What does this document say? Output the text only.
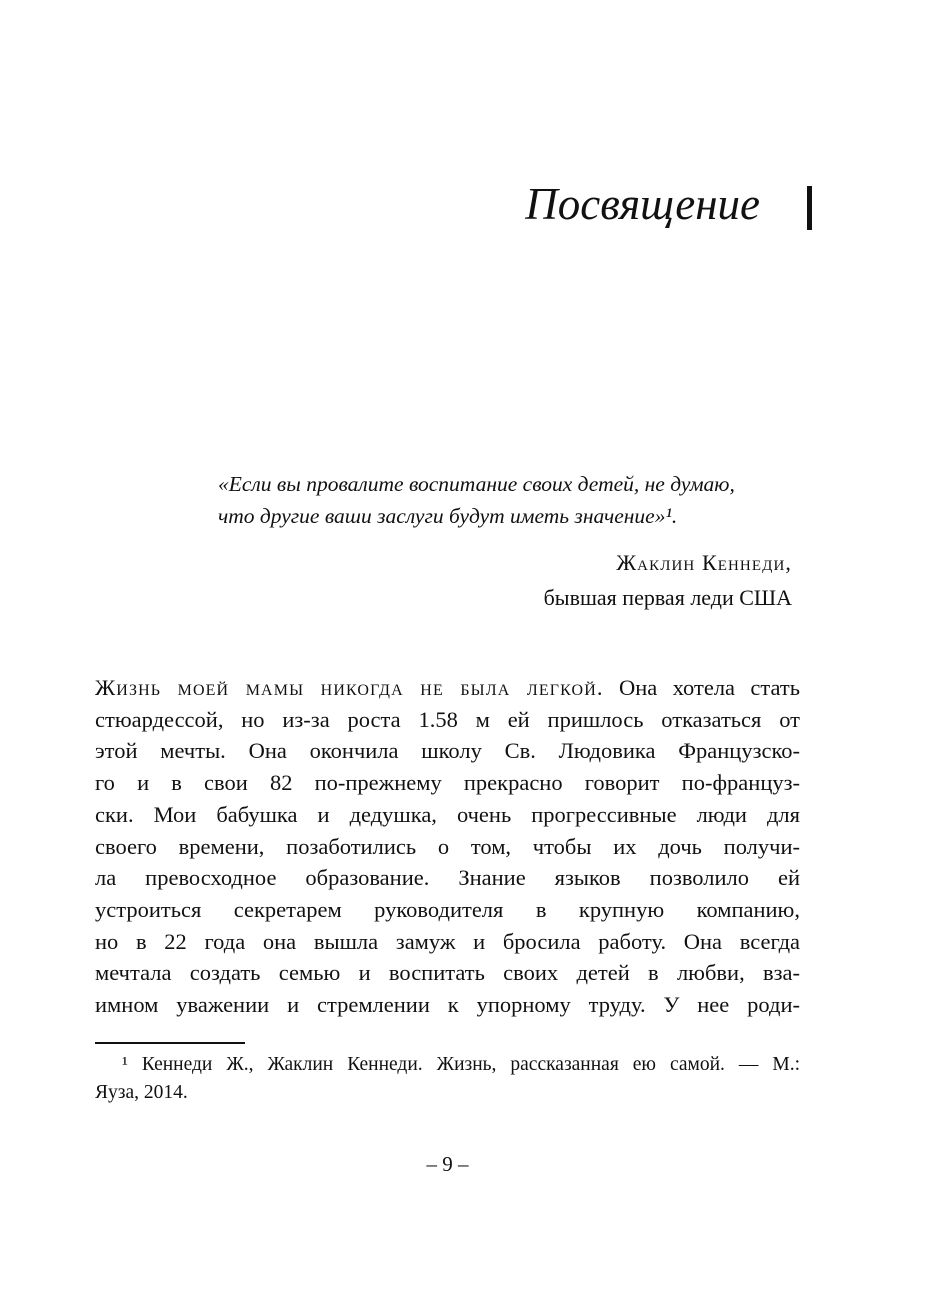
Посвящение
«Если вы провалите воспитание своих детей, не думаю,
что другие ваши заслуги будут иметь значение»¹.
Жаклин Кеннеди,
бывшая первая леди США
Жизнь моей мамы никогда не была легкой. Она хотела стать
стюардессой, но из-за роста 1.58 м ей пришлось отказаться от
этой мечты. Она окончила школу Св. Людовика Французско-
го и в свои 82 по-прежнему прекрасно говорит по-француз-
ски. Мои бабушка и дедушка, очень прогрессивные люди для
своего времени, позаботились о том, чтобы их дочь получи-
ла превосходное образование. Знание языков позволило ей
устроиться секретарем руководителя в крупную компанию,
но в 22 года она вышла замуж и бросила работу. Она всегда
мечтала создать семью и воспитать своих детей в любви, вза-
имном уважении и стремлении к упорному труду. У нее роди-
¹ Кеннеди Ж., Жаклин Кеннеди. Жизнь, рассказанная ею самой. — М.:
Яуза, 2014.
– 9 –
